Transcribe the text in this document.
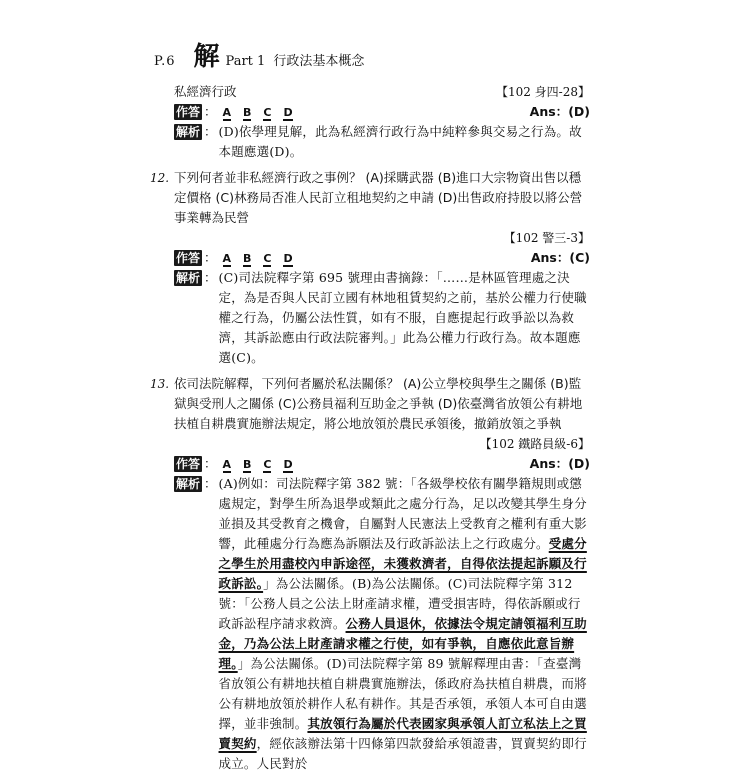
P.6 解 Part 1 行政法基本概念
私經濟行政	【102 身四-28】
作答 ： A B C D	Ans：(D)
解析 ： (D)依學理見解，此為私經濟行政行為中純粹參與交易之行為。故本題應選(D)。

12. 下列何者並非私經濟行政之事例？ (A)採購武器 (B)進口大宗物資出售以穩定價格 (C)林務局否准人民訂立租地契約之申請 (D)出售政府持股以將公營事業轉為民營
【102 警三-3】
作答 ： A B C D	Ans：(C)
解析 ： (C)司法院釋字第 695 號理由書摘錄：「……是林區管理處之決定，為是否與人民訂立國有林地租賃契約之前，基於公權力行使職權之行為，仍屬公法性質，如有不服，自應提起行政爭訟以為救濟，其訴訟應由行政法院審判。」此為公權力行政行為。故本題應選(C)。

13. 依司法院解釋，下列何者屬於私法關係？ (A)公立學校與學生之關係 (B)監獄與受刑人之關係 (C)公務員福利互助金之爭執 (D)依臺灣省放領公有耕地扶植自耕農實施辦法規定，將公地放領於農民承領後，撤銷放領之爭執
【102 鐵路員級-6】
作答 ： A B C D	Ans：(D)
解析 ： (A)例如：司法院釋字第 382 號：「各級學校依有關學籍規則或懲處規定，對學生所為退學或類此之處分行為，足以改變其學生身分並損及其受教育之機會，自屬對人民憲法上受教育之權利有重大影響，此種處分行為應為訴願法及行政訴訟法上之行政處分。受處分之學生於用盡校內申訴途徑，未獲救濟者，自得依法提起訴願及行政訴訟。」為公法關係。(B)為公法關係。(C)司法院釋字第 312 號：「公務人員之公法上財產請求權，遭受損害時，得依訴願或行政訴訟程序請求救濟。公務人員退休，依據法令規定請領福利互助金，乃為公法上財產請求權之行使，如有爭執，自應依此意旨辦理。」為公法關係。(D)司法院釋字第 89 號解釋理由書：「查臺灣省放領公有耕地扶植自耕農實施辦法，係政府為扶植自耕農，而將公有耕地放領於耕作人私有耕作。其是否承領，承領人本可自由選擇，並非強制。其放領行為屬於代表國家與承領人訂立私法上之買賣契約，經依該辦法第十四條第四款發給承領證書，買賣契約即行成立。人民對於
